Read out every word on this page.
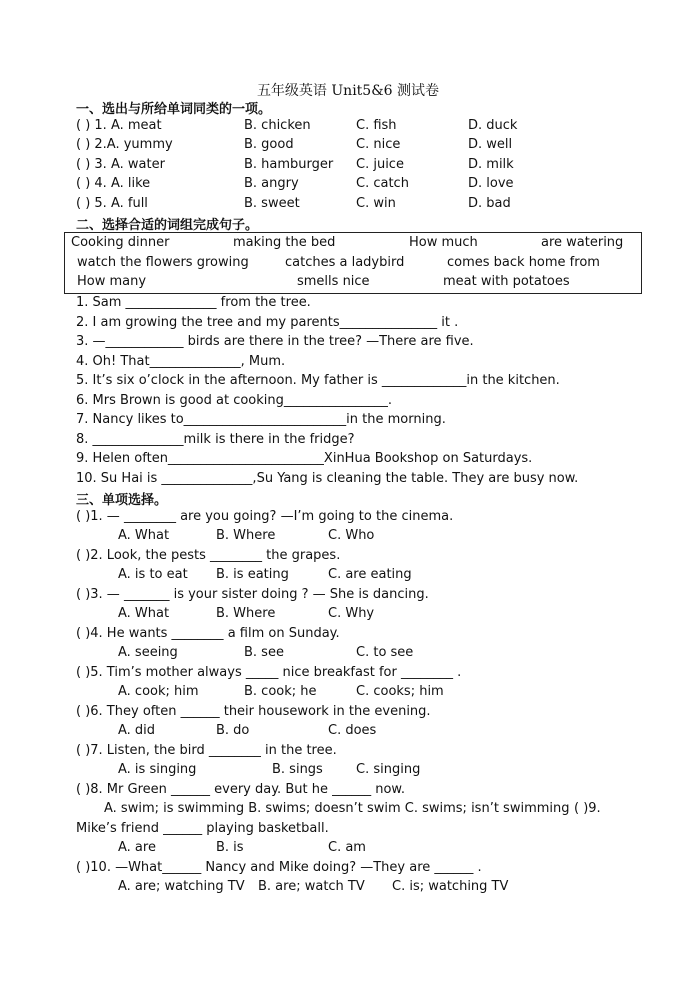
五年级英语 Unit5&6 测试卷
一、选出与所给单词同类的一项。
( ) 1. A. meat	B. chicken	C. fish	D. duck
( ) 2.A. yummy	B. good	C. nice	D. well
( ) 3. A. water	B. hamburger C. juice	D. milk
( ) 4. A. like	B. angry	C. catch	D. love
( ) 5. A. full	B. sweet	C. win	D. bad
二、选择合适的词组完成句子。
Cooking dinner	making the bed	How much	are watering
watch the flowers growing	catches a ladybird	comes back home from
How many	smells nice	meat with potatoes
1. Sam ______________ from the tree.
2. I am growing the tree and my parents_______________ it .
3. —____________ birds are there in the tree? —There are five.
4. Oh! That______________, Mum.
5. It’s six o’clock in the afternoon. My father is _____________in the kitchen.
6. Mrs Brown is good at cooking________________.
7. Nancy likes to_________________________in the morning.
8. ______________milk is there in the fridge?
9. Helen often________________________XinHua Bookshop on Saturdays.
10. Su Hai is ______________,Su Yang is cleaning the table. They are busy now.
三、单项选择。
( )1. — ________ are you going? —I’m going to the cinema.
A. What	B. Where	C. Who
( )2. Look, the pests ________ the grapes.
A. is to eat B. is eating	C. are eating
( )3. — _______ is your sister doing ? — She is dancing.
A. What	B. Where	C. Why
( )4. He wants ________ a film on Sunday.
A. seeing	B. see	C. to see
( )5. Tim’s mother always _____ nice breakfast for ________ .
A. cook; him	B. cook; he	C. cooks; him
( )6. They often ______ their housework in the evening.
A. did	B. do	C. does
( )7. Listen, the bird ________ in the tree.
A. is singing	B. sings	C. singing
( )8. Mr Green ______ every day. But he ______ now.
A. swim; is swimming B. swims; doesn’t swim C. swims; isn’t swimming ( )9.
Mike’s friend ______ playing basketball.
A. are	B. is	C. am
( )10. —What______ Nancy and Mike doing? —They are ______ .
A. are; watching TV B. are; watch TV C. is; watching TV
